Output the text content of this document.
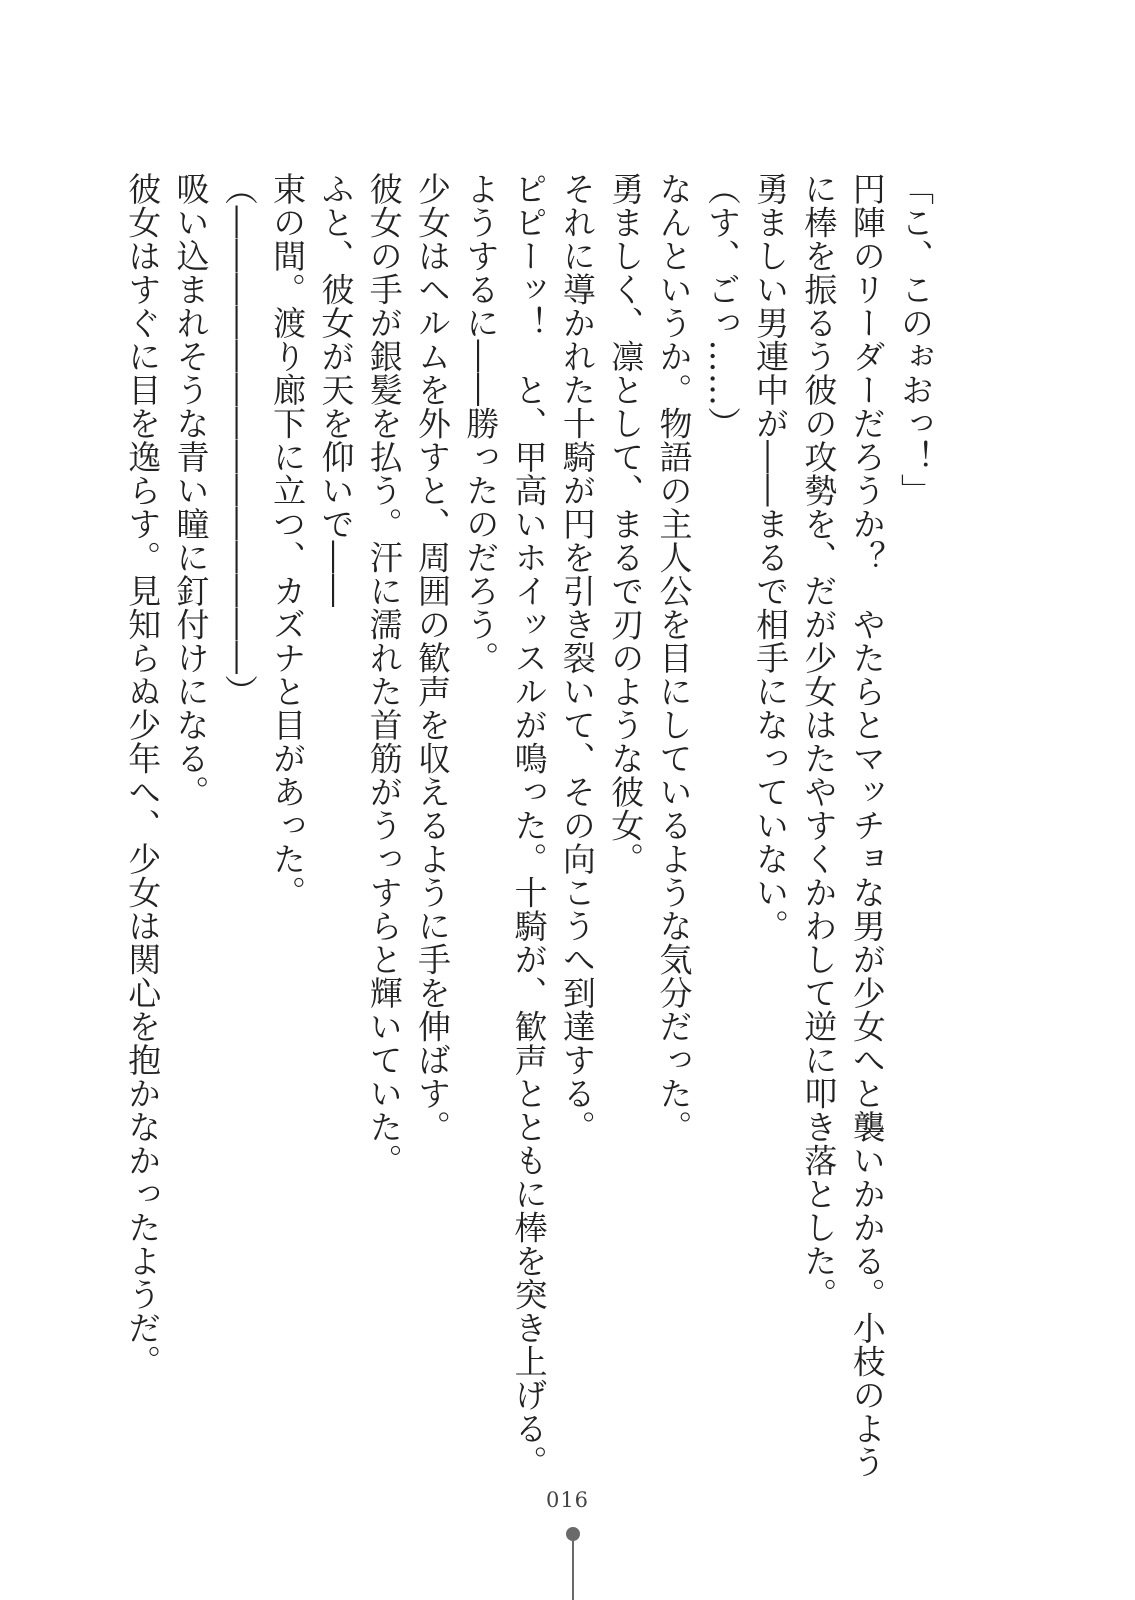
「こ、このぉおっ！」

円陣のリーダーだろうか？　やたらとマッチョな男が少女へと襲いかかる。小枝のよう

に棒を振るう彼の攻勢を、だが少女はたやすくかわして逆に叩き落とした。

勇ましい男連中が――まるで相手になっていない。

（す、ごっ……）

なんというか。物語の主人公を目にしているような気分だった。

勇ましく、凛として、まるで刃のような彼女。

それに導かれた十騎が円を引き裂いて、その向こうへ到達する。

ピピーッ！　と、甲高いホイッスルが鳴った。十騎が、歓声とともに棒を突き上げる。

ようするに――勝ったのだろう。

少女はヘルムを外すと、周囲の歓声を収えるように手を伸ばす。

彼女の手が銀髪を払う。汗に濡れた首筋がうっすらと輝いていた。

ふと、彼女が天を仰いで――

束の間。渡り廊下に立つ、カズナと目があった。

（――――――――――――――）

吸い込まれそうな青い瞳に釘付けになる。

彼女はすぐに目を逸らす。見知らぬ少年へ、少女は関心を抱かなかったようだ。

016
